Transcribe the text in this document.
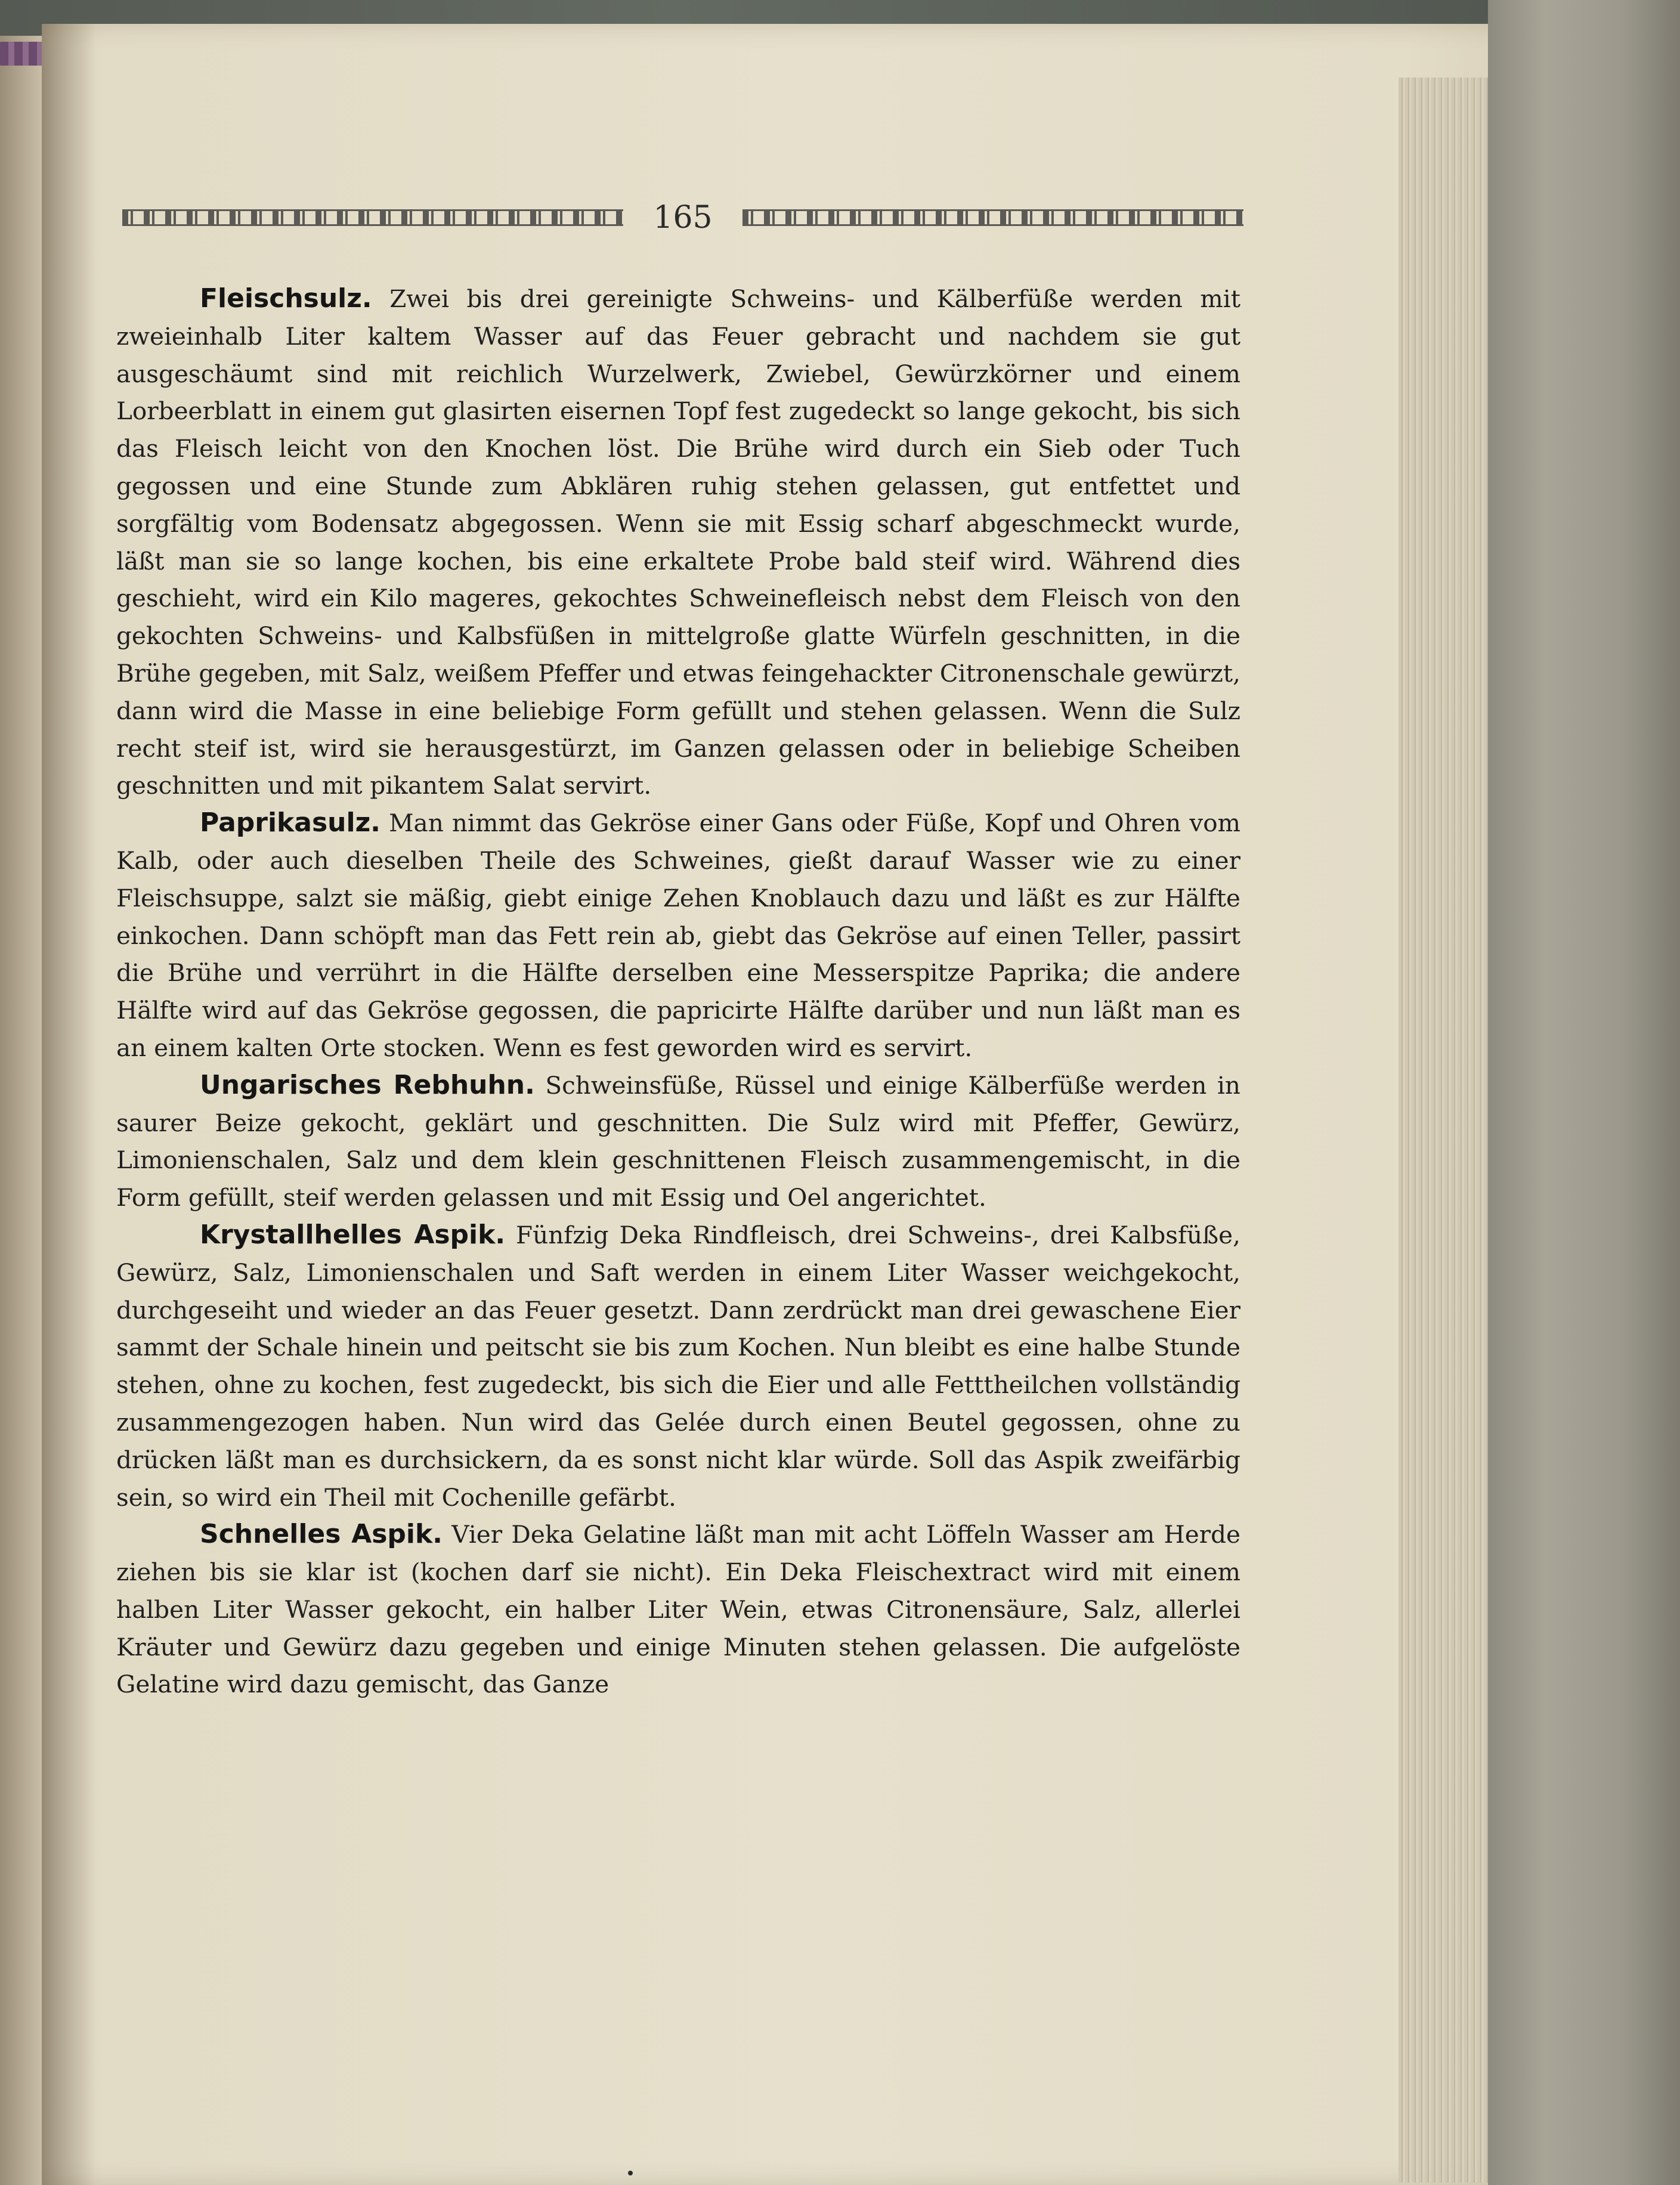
165

Fleischsulz. Zwei bis drei gereinigte Schweins- und Kälberfüße werden mit zweieinhalb Liter kaltem Wasser auf das Feuer gebracht und nachdem sie gut ausgeschäumt sind mit reichlich Wurzelwerk, Zwiebel, Gewürzkörner und einem Lorbeerblatt in einem gut glasirten eisernen Topf fest zugedeckt so lange gekocht, bis sich das Fleisch leicht von den Knochen löst. Die Brühe wird durch ein Sieb oder Tuch gegossen und eine Stunde zum Abklären ruhig stehen gelassen, gut entfettet und sorgfältig vom Bodensatz abgegossen. Wenn sie mit Essig scharf abgeschmeckt wurde, läßt man sie so lange kochen, bis eine erkaltete Probe bald steif wird. Während dies geschieht, wird ein Kilo mageres, gekochtes Schweinefleisch nebst dem Fleisch von den gekochten Schweins- und Kalbsfüßen in mittelgroße glatte Würfeln geschnitten, in die Brühe gegeben, mit Salz, weißem Pfeffer und etwas feingehackter Citronenschale gewürzt, dann wird die Masse in eine beliebige Form gefüllt und stehen gelassen. Wenn die Sulz recht steif ist, wird sie herausgestürzt, im Ganzen gelassen oder in beliebige Scheiben geschnitten und mit pikantem Salat servirt.

Paprikasulz. Man nimmt das Gekröse einer Gans oder Füße, Kopf und Ohren vom Kalb, oder auch dieselben Theile des Schweines, gießt darauf Wasser wie zu einer Fleischsuppe, salzt sie mäßig, giebt einige Zehen Knoblauch dazu und läßt es zur Hälfte einkochen. Dann schöpft man das Fett rein ab, giebt das Gekröse auf einen Teller, passirt die Brühe und verrührt in die Hälfte derselben eine Messerspitze Paprika; die andere Hälfte wird auf das Gekröse gegossen, die papricirte Hälfte darüber und nun läßt man es an einem kalten Orte stocken. Wenn es fest geworden wird es servirt.

Ungarisches Rebhuhn. Schweinsfüße, Rüssel und einige Kälberfüße werden in saurer Beize gekocht, geklärt und geschnitten. Die Sulz wird mit Pfeffer, Gewürz, Limonienschalen, Salz und dem klein geschnittenen Fleisch zusammengemischt, in die Form gefüllt, steif werden gelassen und mit Essig und Oel angerichtet.

Krystallhelles Aspik. Fünfzig Deka Rindfleisch, drei Schweins-, drei Kalbsfüße, Gewürz, Salz, Limonienschalen und Saft werden in einem Liter Wasser weichgekocht, durchgeseiht und wieder an das Feuer gesetzt. Dann zerdrückt man drei gewaschene Eier sammt der Schale hinein und peitscht sie bis zum Kochen. Nun bleibt es eine halbe Stunde stehen, ohne zu kochen, fest zugedeckt, bis sich die Eier und alle Fetttheilchen vollständig zusammengezogen haben. Nun wird das Gelée durch einen Beutel gegossen, ohne zu drücken läßt man es durchsickern, da es sonst nicht klar würde. Soll das Aspik zweifärbig sein, so wird ein Theil mit Cochenille gefärbt.

Schnelles Aspik. Vier Deka Gelatine läßt man mit acht Löffeln Wasser am Herde ziehen bis sie klar ist (kochen darf sie nicht). Ein Deka Fleischextract wird mit einem halben Liter Wasser gekocht, ein halber Liter Wein, etwas Citronensäure, Salz, allerlei Kräuter und Gewürz dazu gegeben und einige Minuten stehen gelassen. Die aufgelöste Gelatine wird dazu gemischt, das Ganze
